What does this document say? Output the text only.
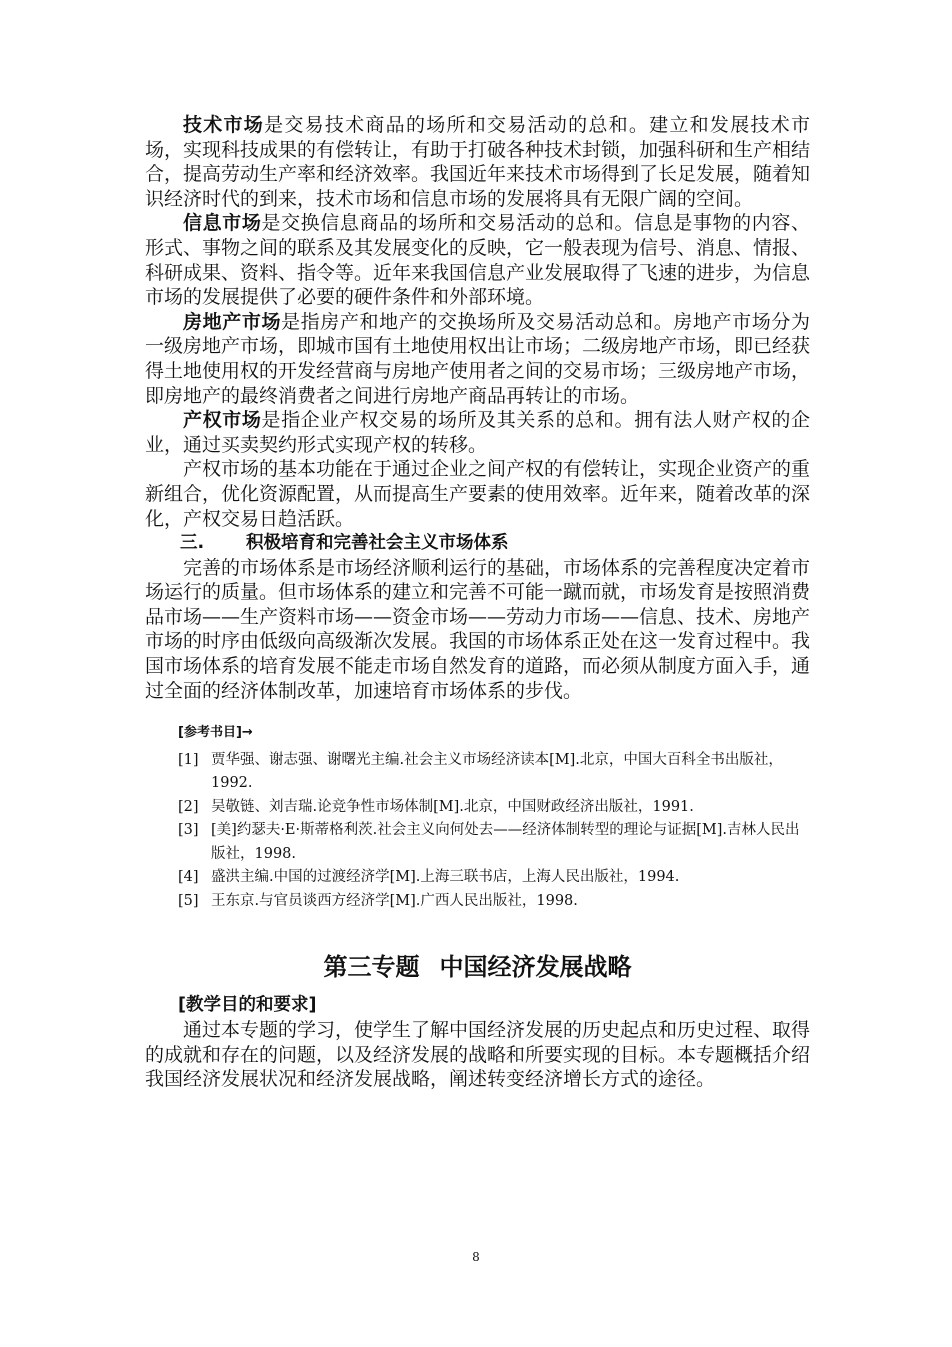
技术市场是交易技术商品的场所和交易活动的总和。建立和发展技术市场，实现科技成果的有偿转让，有助于打破各种技术封锁，加强科研和生产相结合，提高劳动生产率和经济效率。我国近年来技术市场得到了长足发展，随着知识经济时代的到来，技术市场和信息市场的发展将具有无限广阔的空间。

信息市场是交换信息商品的场所和交易活动的总和。信息是事物的内容、形式、事物之间的联系及其发展变化的反映，它一般表现为信号、消息、情报、科研成果、资料、指令等。近年来我国信息产业发展取得了飞速的进步，为信息市场的发展提供了必要的硬件条件和外部环境。

房地产市场是指房产和地产的交换场所及交易活动总和。房地产市场分为一级房地产市场，即城市国有土地使用权出让市场；二级房地产市场，即已经获得土地使用权的开发经营商与房地产使用者之间的交易市场；三级房地产市场，即房地产的最终消费者之间进行房地产商品再转让的市场。

产权市场是指企业产权交易的场所及其关系的总和。拥有法人财产权的企业，通过买卖契约形式实现产权的转移。

产权市场的基本功能在于通过企业之间产权的有偿转让，实现企业资产的重新组合，优化资源配置，从而提高生产要素的使用效率。近年来，随着改革的深化，产权交易日趋活跃。

三. 积极培育和完善社会主义市场体系

完善的市场体系是市场经济顺利运行的基础，市场体系的完善程度决定着市场运行的质量。但市场体系的建立和完善不可能一蹴而就，市场发育是按照消费品市场——生产资料市场——资金市场——劳动力市场——信息、技术、房地产市场的时序由低级向高级渐次发展。我国的市场体系正处在这一发育过程中。我国市场体系的培育发展不能走市场自然发育的道路，而必须从制度方面入手，通过全面的经济体制改革，加速培育市场体系的步伐。

[参考书目]→

[1] 贾华强、谢志强、谢曙光主编.社会主义市场经济读本[M].北京，中国大百科全书出版社，1992.

[2] 吴敬链、刘吉瑞.论竞争性市场体制[M].北京，中国财政经济出版社，1991.

[3] [美]约瑟夫·E·斯蒂格利茨.社会主义向何处去——经济体制转型的理论与证据[M].吉林人民出版社，1998.

[4] 盛洪主编.中国的过渡经济学[M].上海三联书店，上海人民出版社，1994.

[5] 王东京.与官员谈西方经济学[M].广西人民出版社，1998.

第三专题 中国经济发展战略

[教学目的和要求]

通过本专题的学习，使学生了解中国经济发展的历史起点和历史过程、取得的成就和存在的问题，以及经济发展的战略和所要实现的目标。本专题概括介绍我国经济发展状况和经济发展战略，阐述转变经济增长方式的途径。

8
